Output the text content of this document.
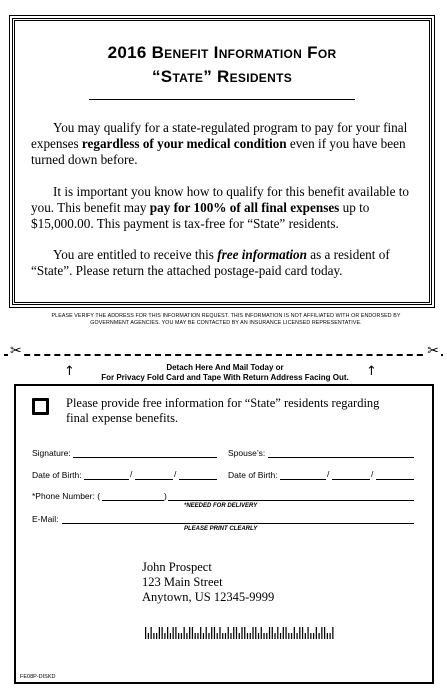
2016 Benefit Information For
“State” Residents

You may qualify for a state-regulated program to pay for your final expenses regardless of your medical condition even if you have been turned down before.

It is important you know how to qualify for this benefit available to you. This benefit may pay for 100% of all final expenses up to $15,000.00. This payment is tax-free for “State” residents.

You are entitled to receive this free information as a resident of “State”. Please return the attached postage-paid card today.

PLEASE VERIFY THE ADDRESS FOR THIS INFORMATION REQUEST. THIS INFORMATION IS NOT AFFILIATED WITH OR ENDORSED BY GOVERNMENT AGENCIES. YOU MAY BE CONTACTED BY AN INSURANCE LICENSED REPRESENTATIVE.
✂	✂
↑	↑
Detach Here And Mail Today or
For Privacy Fold Card and Tape With Return Address Facing Out.
Please provide free information for “State” residents regarding final expense benefits.
Signature:	Spouse’s:
Date of Birth:	/	/	Date of Birth:	/	/
*Phone Number: (	)
*NEEDED FOR DELIVERY
E-Mail:
PLEASE PRINT CLEARLY
John Prospect
123 Main Street
Anytown, US 12345-9999
FE08P-DISKD
